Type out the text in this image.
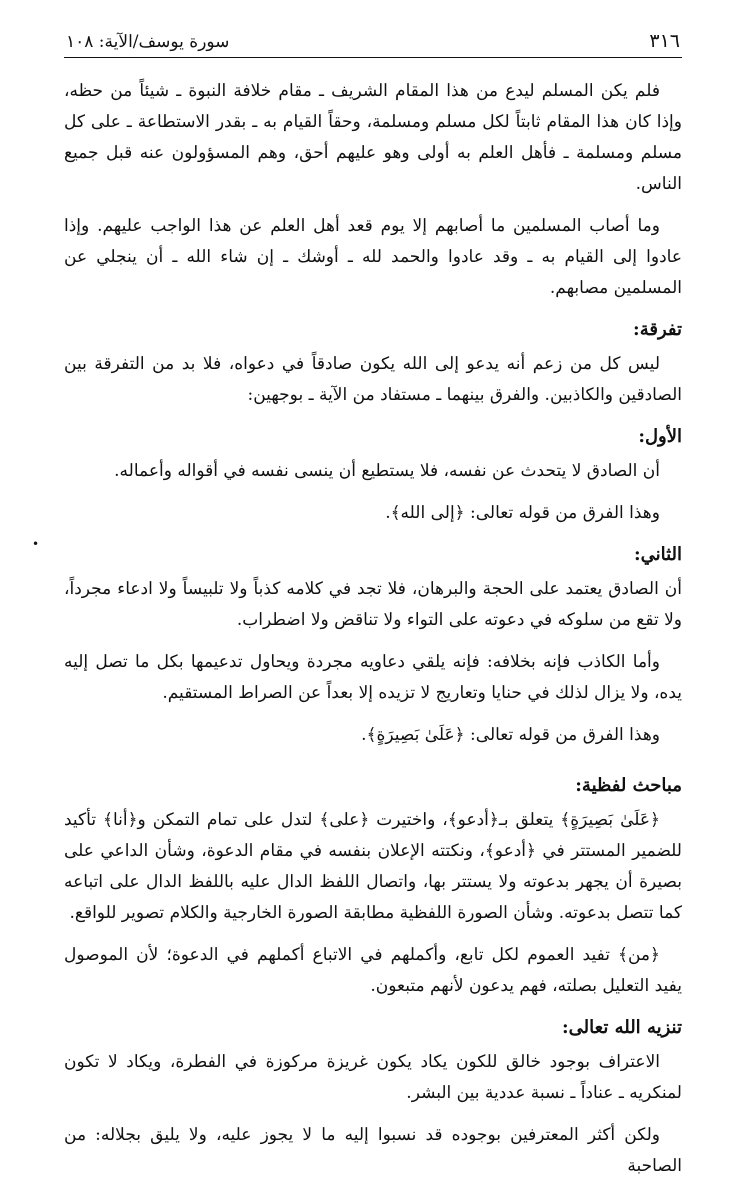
٣١٦
سورة يوسف/الآية: ١٠٨

فلم يكن المسلم ليدع من هذا المقام الشريف ـ مقام خلافة النبوة ـ شيئاً من حظه، وإذا كان هذا المقام ثابتاً لكل مسلم ومسلمة، وحقاً القيام به ـ بقدر الاستطاعة ـ على كل مسلم ومسلمة ـ فأهل العلم به أولى وهو عليهم أحق، وهم المسؤولون عنه قبل جميع الناس.

وما أصاب المسلمين ما أصابهم إلا يوم قعد أهل العلم عن هذا الواجب عليهم. وإذا عادوا إلى القيام به ـ وقد عادوا والحمد لله ـ أوشك ـ إن شاء الله ـ أن ينجلي عن المسلمين مصابهم.

تفرقة:

ليس كل من زعم أنه يدعو إلى الله يكون صادقاً في دعواه، فلا بد من التفرقة بين الصادقين والكاذبين. والفرق بينهما ـ مستفاد من الآية ـ بوجهين:

الأول:

أن الصادق لا يتحدث عن نفسه، فلا يستطيع أن ينسى نفسه في أقواله وأعماله.

وهذا الفرق من قوله تعالى: ﴿إلى الله﴾.

الثاني:

أن الصادق يعتمد على الحجة والبرهان، فلا تجد في كلامه كذباً ولا تلبيساً ولا ادعاء مجرداً، ولا تقع من سلوكه في دعوته على التواء ولا تناقض ولا اضطراب.

وأما الكاذب فإنه بخلافه: فإنه يلقي دعاويه مجردة ويحاول تدعيمها بكل ما تصل إليه يده، ولا يزال لذلك في حنايا وتعاريج لا تزيده إلا بعداً عن الصراط المستقيم.

وهذا الفرق من قوله تعالى: ﴿عَلَىٰ بَصِيرَةٍ﴾.

مباحث لفظية:

﴿عَلَىٰ بَصِيرَةٍ﴾ يتعلق بـ﴿أدعو﴾، واختيرت ﴿على﴾ لتدل على تمام التمكن و﴿أنا﴾ تأكيد للضمير المستتر في ﴿أدعو﴾، ونكتته الإعلان بنفسه في مقام الدعوة، وشأن الداعي على بصيرة أن يجهر بدعوته ولا يستتر بها، واتصال اللفظ الدال عليه باللفظ الدال على اتباعه كما تتصل بدعوته. وشأن الصورة اللفظية مطابقة الصورة الخارجية والكلام تصوير للواقع.

﴿من﴾ تفيد العموم لكل تابع، وأكملهم في الاتباع أكملهم في الدعوة؛ لأن الموصول يفيد التعليل بصلته، فهم يدعون لأنهم متبعون.

تنزيه الله تعالى:

الاعتراف بوجود خالق للكون يكاد يكون غريزة مركوزة في الفطرة، ويكاد لا تكون لمنكريه ـ عناداً ـ نسبة عددية بين البشر.

ولكن أكثر المعترفين بوجوده قد نسبوا إليه ما لا يجوز عليه، ولا يليق بجلاله: من الصاحبة

•
